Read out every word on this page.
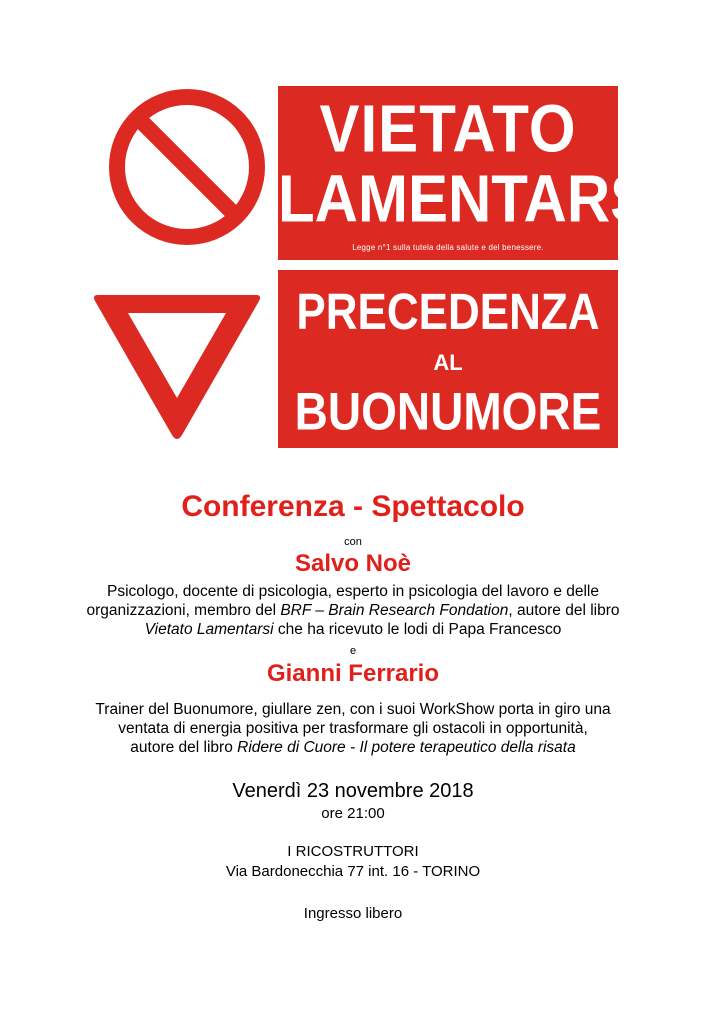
VIETATO
LAMENTARSI
Legge n°1 sulla tutela della salute e del benessere.
PRECEDENZA
AL
BUONUMORE
Conferenza - Spettacolo
con
Salvo Noè
Psicologo, docente di psicologia, esperto in psicologia del lavoro e delle
organizzazioni, membro del BRF – Brain Research Fondation, autore del libro
Vietato Lamentarsi che ha ricevuto le lodi di Papa Francesco
e
Gianni Ferrario
Trainer del Buonumore, giullare zen, con i suoi WorkShow porta in giro una
ventata di energia positiva per trasformare gli ostacoli in opportunità,
autore del libro Ridere di Cuore - Il potere terapeutico della risata
Venerdì 23 novembre 2018
ore 21:00
I RICOSTRUTTORI
Via Bardonecchia 77 int. 16 - TORINO
Ingresso libero
